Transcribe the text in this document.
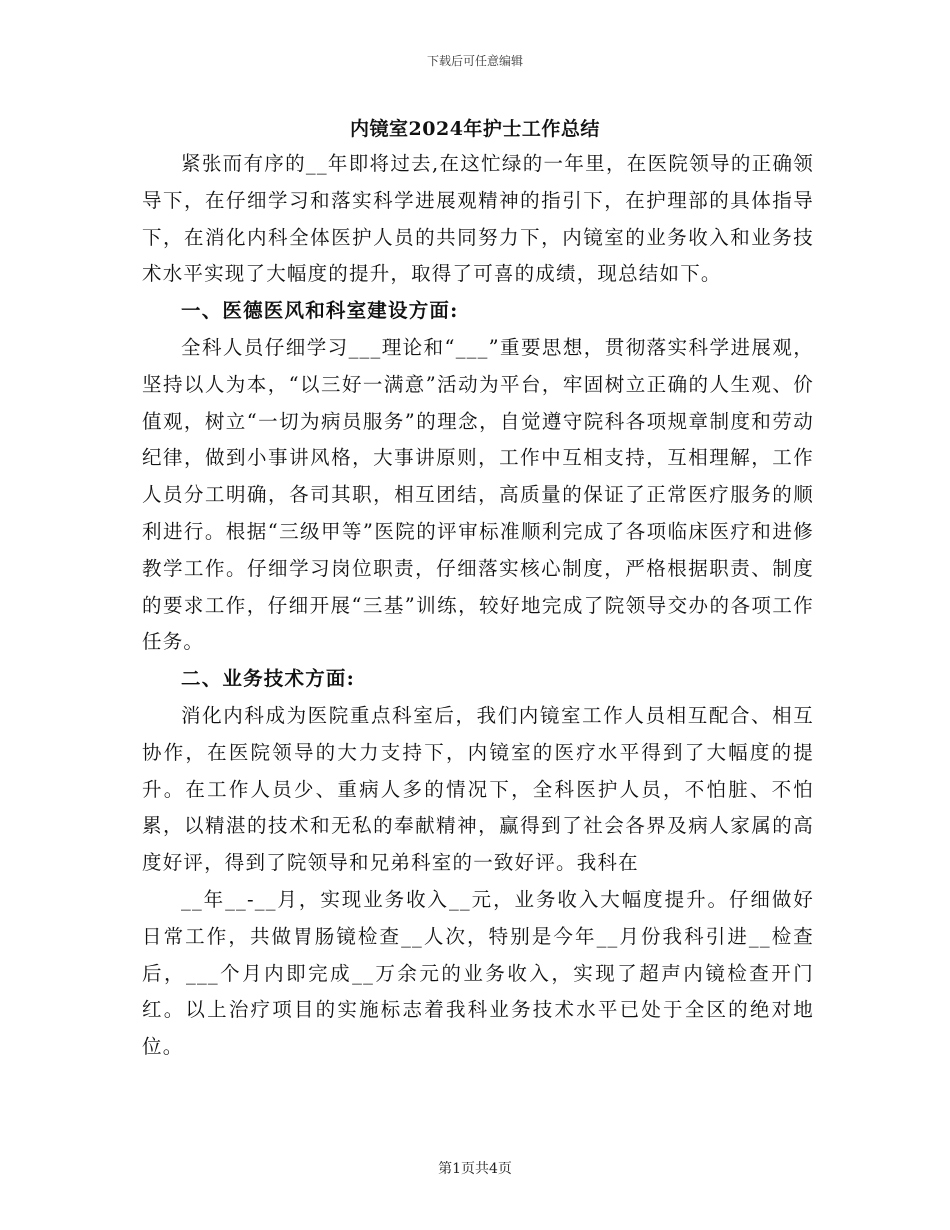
下载后可任意编辑
内镜室2024年护士工作总结

紧张而有序的__年即将过去,在这忙绿的一年里，在医院领导的正确领导下，在仔细学习和落实科学进展观精神的指引下，在护理部的具体指导下，在消化内科全体医护人员的共同努力下，内镜室的业务收入和业务技术水平实现了大幅度的提升，取得了可喜的成绩，现总结如下。

一、医德医风和科室建设方面:

全科人员仔细学习___理论和“___”重要思想，贯彻落实科学进展观，坚持以人为本，“以三好一满意”活动为平台，牢固树立正确的人生观、价值观，树立“一切为病员服务”的理念，自觉遵守院科各项规章制度和劳动纪律，做到小事讲风格，大事讲原则，工作中互相支持，互相理解，工作人员分工明确，各司其职，相互团结，高质量的保证了正常医疗服务的顺利进行。根据“三级甲等”医院的评审标准顺利完成了各项临床医疗和进修教学工作。仔细学习岗位职责，仔细落实核心制度，严格根据职责、制度的要求工作，仔细开展“三基”训练，较好地完成了院领导交办的各项工作任务。

二、业务技术方面:

消化内科成为医院重点科室后，我们内镜室工作人员相互配合、相互协作，在医院领导的大力支持下，内镜室的医疗水平得到了大幅度的提升。在工作人员少、重病人多的情况下，全科医护人员，不怕脏、不怕累，以精湛的技术和无私的奉献精神，赢得到了社会各界及病人家属的高度好评，得到了院领导和兄弟科室的一致好评。我科在

__年__-__月，实现业务收入__元，业务收入大幅度提升。仔细做好日常工作，共做胃肠镜检查__人次，特别是今年__月份我科引进__检查后，___个月内即完成__万余元的业务收入，实现了超声内镜检查开门红。以上治疗项目的实施标志着我科业务技术水平已处于全区的绝对地位。

第1页共4页
